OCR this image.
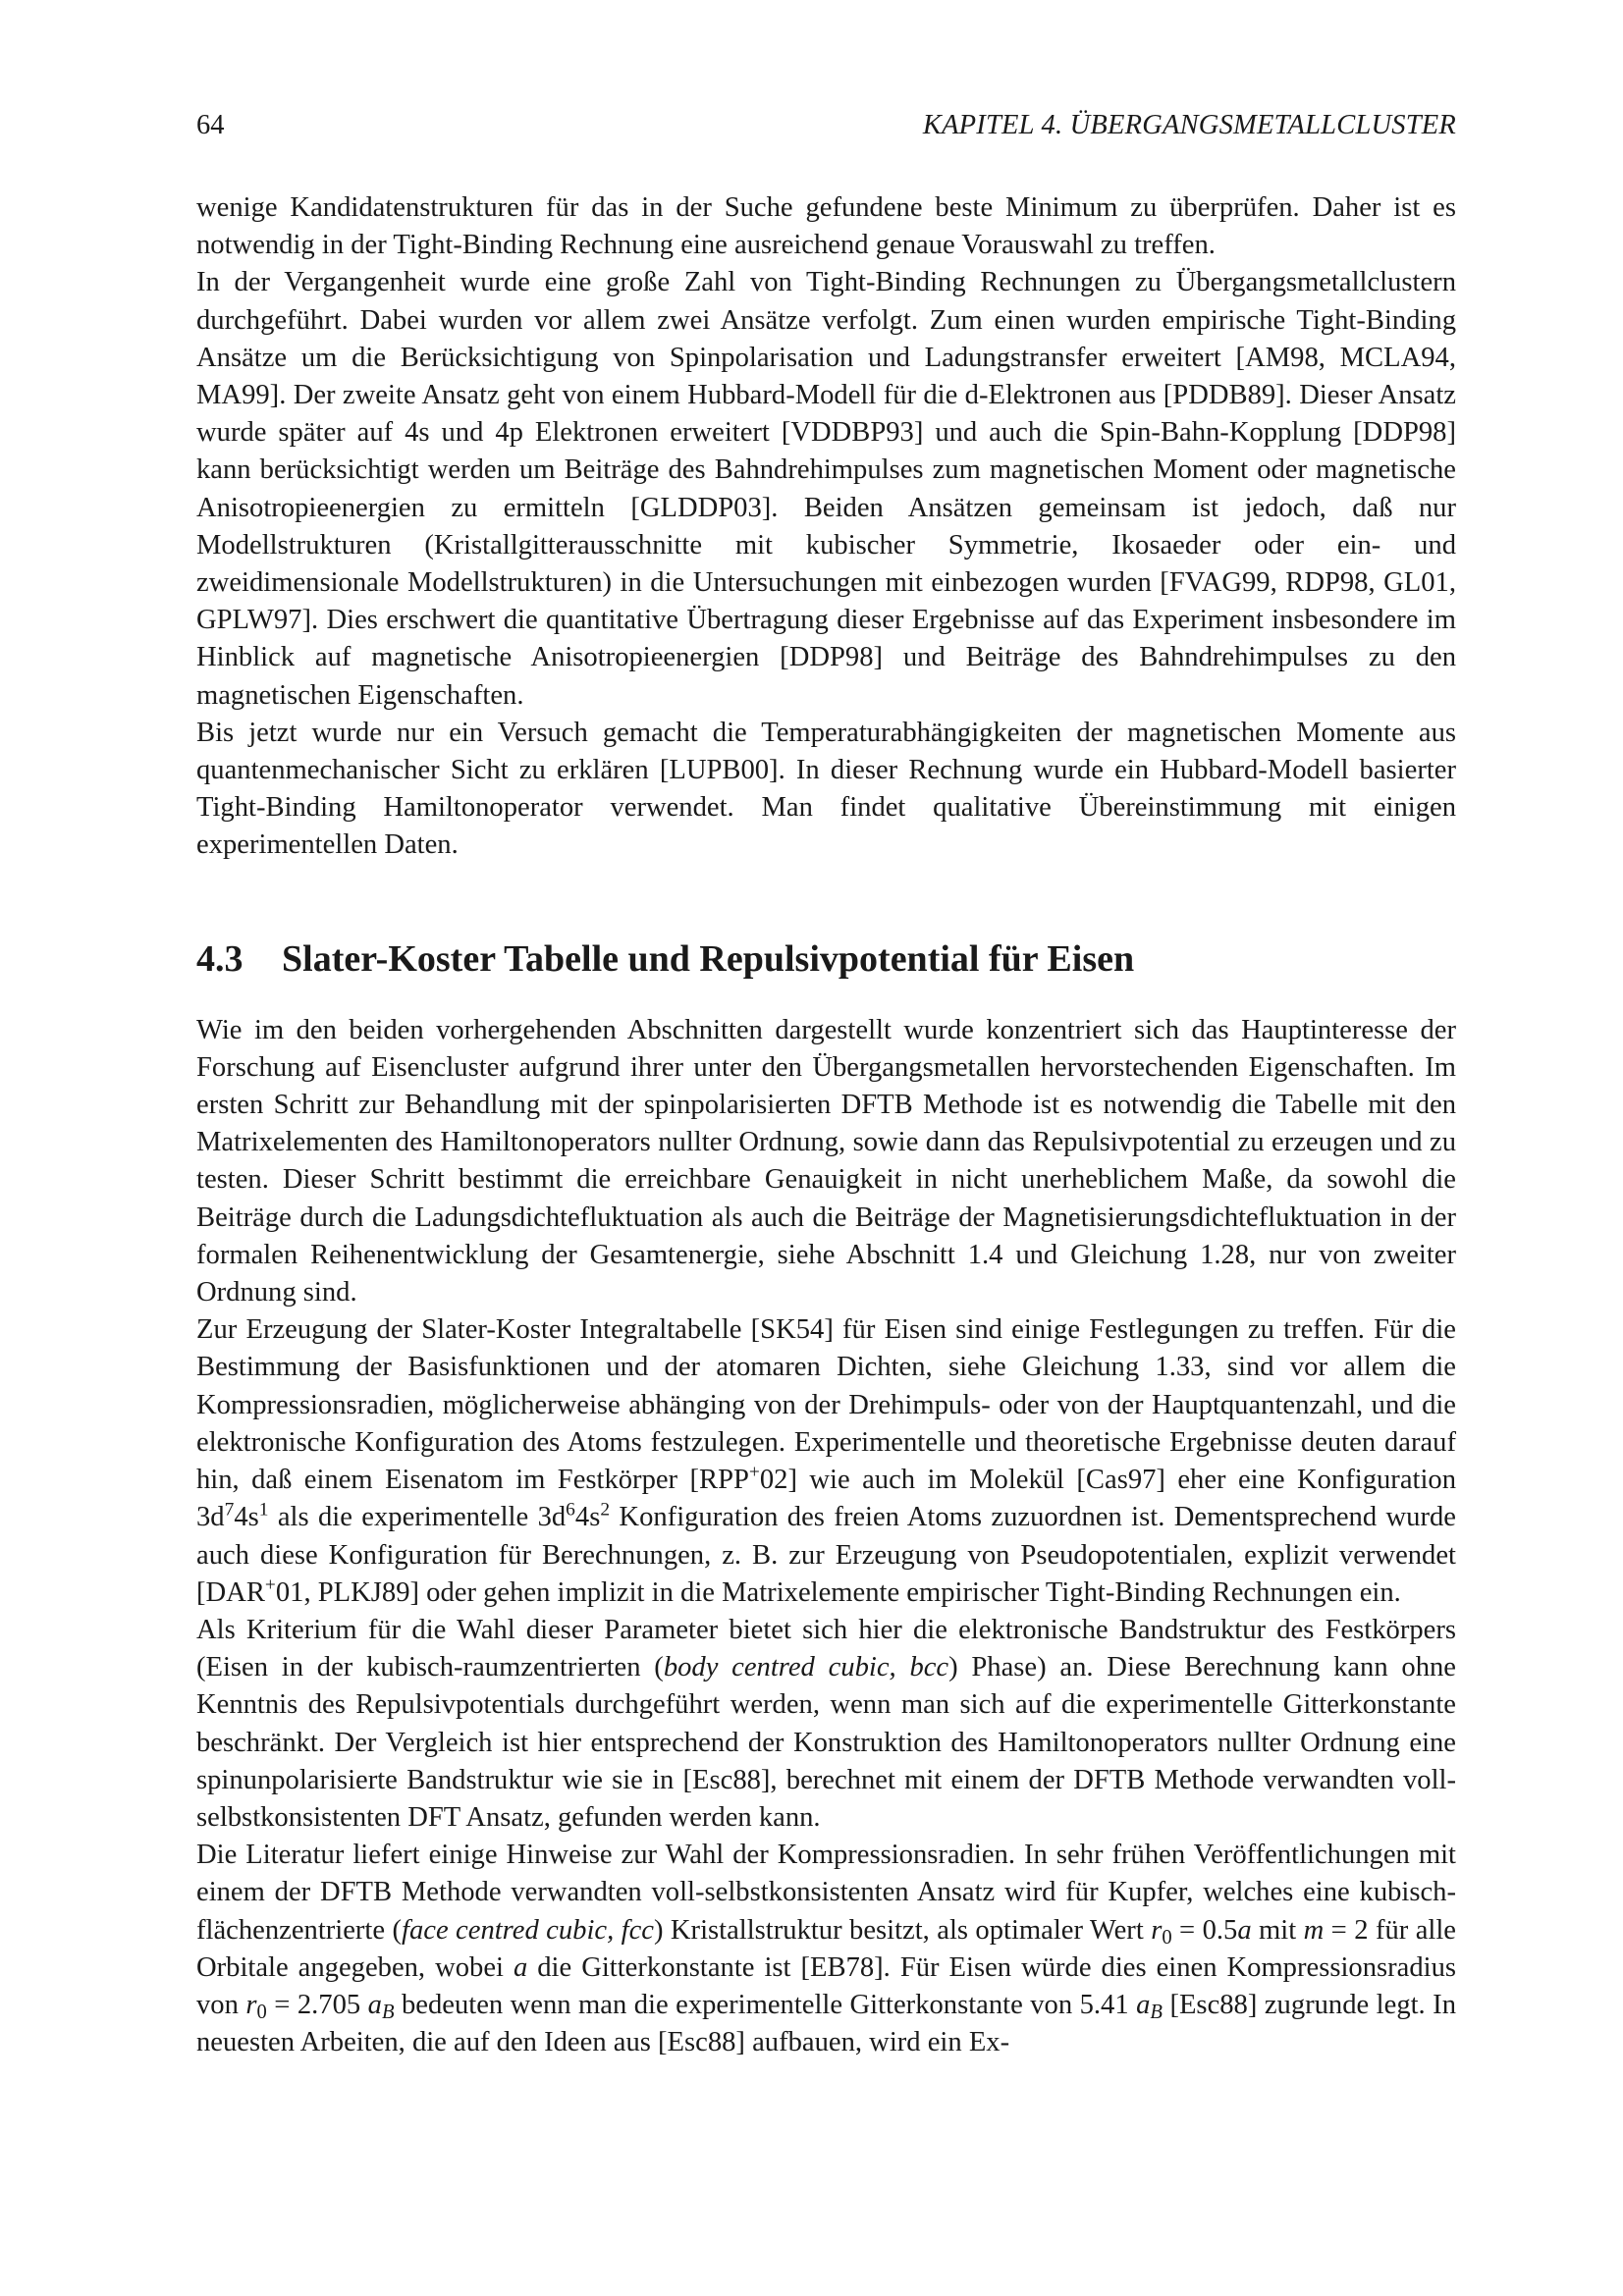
64	KAPITEL 4. ÜBERGANGSMETALLCLUSTER

wenige Kandidatenstrukturen für das in der Suche gefundene beste Minimum zu überprüfen. Daher ist es notwendig in der Tight-Binding Rechnung eine ausreichend genaue Vorauswahl zu treffen.

In der Vergangenheit wurde eine große Zahl von Tight-Binding Rechnungen zu Übergangsmetallclustern durchgeführt. Dabei wurden vor allem zwei Ansätze verfolgt. Zum einen wurden empirische Tight-Binding Ansätze um die Berücksichtigung von Spinpolarisation und Ladungstransfer erweitert [AM98, MCLA94, MA99]. Der zweite Ansatz geht von einem Hubbard-Modell für die d-Elektronen aus [PDDB89]. Dieser Ansatz wurde später auf 4s und 4p Elektronen erweitert [VDDBP93] und auch die Spin-Bahn-Kopplung [DDP98] kann berücksichtigt werden um Beiträge des Bahndrehimpulses zum magnetischen Moment oder magnetische Anisotropieenergien zu ermitteln [GLDDP03]. Beiden Ansätzen gemeinsam ist jedoch, daß nur Modellstrukturen (Kristallgitterausschnitte mit kubischer Symmetrie, Ikosaeder oder ein- und zweidimensionale Modellstrukturen) in die Untersuchungen mit einbezogen wurden [FVAG99, RDP98, GL01, GPLW97]. Dies erschwert die quantitative Übertragung dieser Ergebnisse auf das Experiment insbesondere im Hinblick auf magnetische Anisotropieenergien [DDP98] und Beiträge des Bahndrehimpulses zu den magnetischen Eigenschaften.

Bis jetzt wurde nur ein Versuch gemacht die Temperaturabhängigkeiten der magnetischen Momente aus quantenmechanischer Sicht zu erklären [LUPB00]. In dieser Rechnung wurde ein Hubbard-Modell basierter Tight-Binding Hamiltonoperator verwendet. Man findet qualitative Übereinstimmung mit einigen experimentellen Daten.

4.3 Slater-Koster Tabelle und Repulsivpotential für Eisen

Wie im den beiden vorhergehenden Abschnitten dargestellt wurde konzentriert sich das Hauptinteresse der Forschung auf Eisencluster aufgrund ihrer unter den Übergangsmetallen hervorstechenden Eigenschaften. Im ersten Schritt zur Behandlung mit der spinpolarisierten DFTB Methode ist es notwendig die Tabelle mit den Matrixelementen des Hamiltonoperators nullter Ordnung, sowie dann das Repulsivpotential zu erzeugen und zu testen. Dieser Schritt bestimmt die erreichbare Genauigkeit in nicht unerheblichem Maße, da sowohl die Beiträge durch die Ladungsdichtefluktuation als auch die Beiträge der Magnetisierungsdichtefluktuation in der formalen Reihenentwicklung der Gesamtenergie, siehe Abschnitt 1.4 und Gleichung 1.28, nur von zweiter Ordnung sind.

Zur Erzeugung der Slater-Koster Integraltabelle [SK54] für Eisen sind einige Festlegungen zu treffen. Für die Bestimmung der Basisfunktionen und der atomaren Dichten, siehe Gleichung 1.33, sind vor allem die Kompressionsradien, möglicherweise abhänging von der Drehimpuls- oder von der Hauptquantenzahl, und die elektronische Konfiguration des Atoms festzulegen. Experimentelle und theoretische Ergebnisse deuten darauf hin, daß einem Eisenatom im Festkörper [RPP+02] wie auch im Molekül [Cas97] eher eine Konfiguration $3d^74s^1$ als die experimentelle $3d^64s^2$ Konfiguration des freien Atoms zuzuordnen ist. Dementsprechend wurde auch diese Konfiguration für Berechnungen, z. B. zur Erzeugung von Pseudopotentialen, explizit verwendet [DAR+01, PLKJ89] oder gehen implizit in die Matrixelemente empirischer Tight-Binding Rechnungen ein.

Als Kriterium für die Wahl dieser Parameter bietet sich hier die elektronische Bandstruktur des Festkörpers (Eisen in der kubisch-raumzentrierten (body centred cubic, bcc) Phase) an. Diese Berechnung kann ohne Kenntnis des Repulsivpotentials durchgeführt werden, wenn man sich auf die experimentelle Gitterkonstante beschränkt. Der Vergleich ist hier entsprechend der Konstruktion des Hamiltonoperators nullter Ordnung eine spinunpolarisierte Bandstruktur wie sie in [Esc88], berechnet mit einem der DFTB Methode verwandten voll-selbstkonsistenten DFT Ansatz, gefunden werden kann.

Die Literatur liefert einige Hinweise zur Wahl der Kompressionsradien. In sehr frühen Veröffentlichungen mit einem der DFTB Methode verwandten voll-selbstkonsistenten Ansatz wird für Kupfer, welches eine kubisch-flächenzentrierte (face centred cubic, fcc) Kristallstruktur besitzt, als optimaler Wert $r_0 = 0.5a$ mit m = 2 für alle Orbitale angegeben, wobei a die Gitterkonstante ist [EB78]. Für Eisen würde dies einen Kompressionsradius von $r_0 = 2.705$ $a_B$ bedeuten wenn man die experimentelle Gitterkonstante von 5.41 $a_B$ [Esc88] zugrunde legt. In neuesten Arbeiten, die auf den Ideen aus [Esc88] aufbauen, wird ein Ex-
